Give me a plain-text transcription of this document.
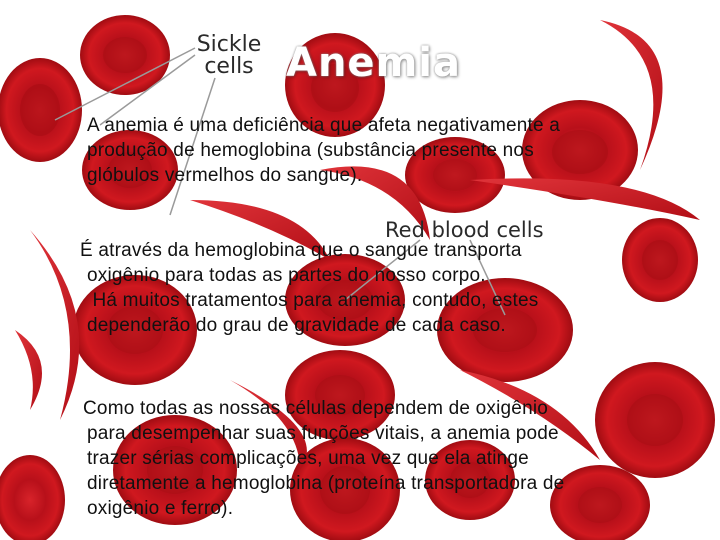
Sickle
cells
Red blood cells
Anemia
A anemia é uma deficiência que afeta negativamente a
produção de hemoglobina (substância presente nos
glóbulos vermelhos do sangue).
É através da hemoglobina que o sangue transporta
oxigênio para todas as partes do nosso corpo.
Há muitos tratamentos para anemia, contudo, estes
dependerão do grau de gravidade de cada caso.
Como todas as nossas células dependem de oxigênio
para desempenhar suas funções vitais, a anemia pode
trazer sérias complicações, uma vez que ela atinge
diretamente a hemoglobina (proteína transportadora de
oxigênio e ferro).
